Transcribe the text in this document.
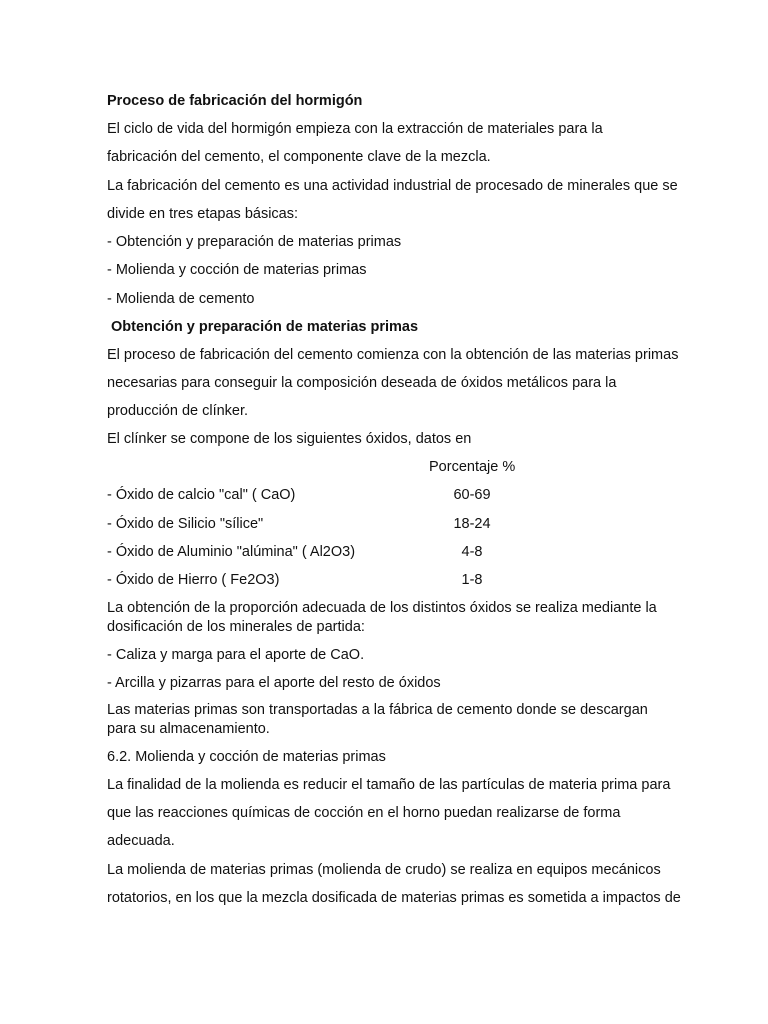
Proceso de fabricación del hormigón
El ciclo de vida del hormigón empieza con la extracción de materiales para la
fabricación del cemento, el componente clave de la mezcla.
La fabricación del cemento es una actividad industrial de procesado de minerales que se
divide en tres etapas básicas:
- Obtención y preparación de materias primas
- Molienda y cocción de materias primas
- Molienda de cemento
Obtención y preparación de materias primas
El proceso de fabricación del cemento comienza con la obtención de las materias primas
necesarias para conseguir la composición deseada de óxidos metálicos para la
producción de clínker.
El clínker se compone de los siguientes óxidos, datos en
Porcentaje %
- Óxido de calcio "cal" ( CaO)	60-69
- Óxido de Silicio "sílice"	18-24
- Óxido de Aluminio "alúmina" ( Al2O3)	4-8
- Óxido de Hierro ( Fe2O3)	1-8
La obtención de la proporción adecuada de los distintos óxidos se realiza mediante la
dosificación de los minerales de partida:
- Caliza y marga para el aporte de CaO.
- Arcilla y pizarras para el aporte del resto de óxidos
Las materias primas son transportadas a la fábrica de cemento donde se descargan
para su almacenamiento.
6.2. Molienda y cocción de materias primas
La finalidad de la molienda es reducir el tamaño de las partículas de materia prima para
que las reacciones químicas de cocción en el horno puedan realizarse de forma
adecuada.
La molienda de materias primas (molienda de crudo) se realiza en equipos mecánicos
rotatorios, en los que la mezcla dosificada de materias primas es sometida a impactos de
